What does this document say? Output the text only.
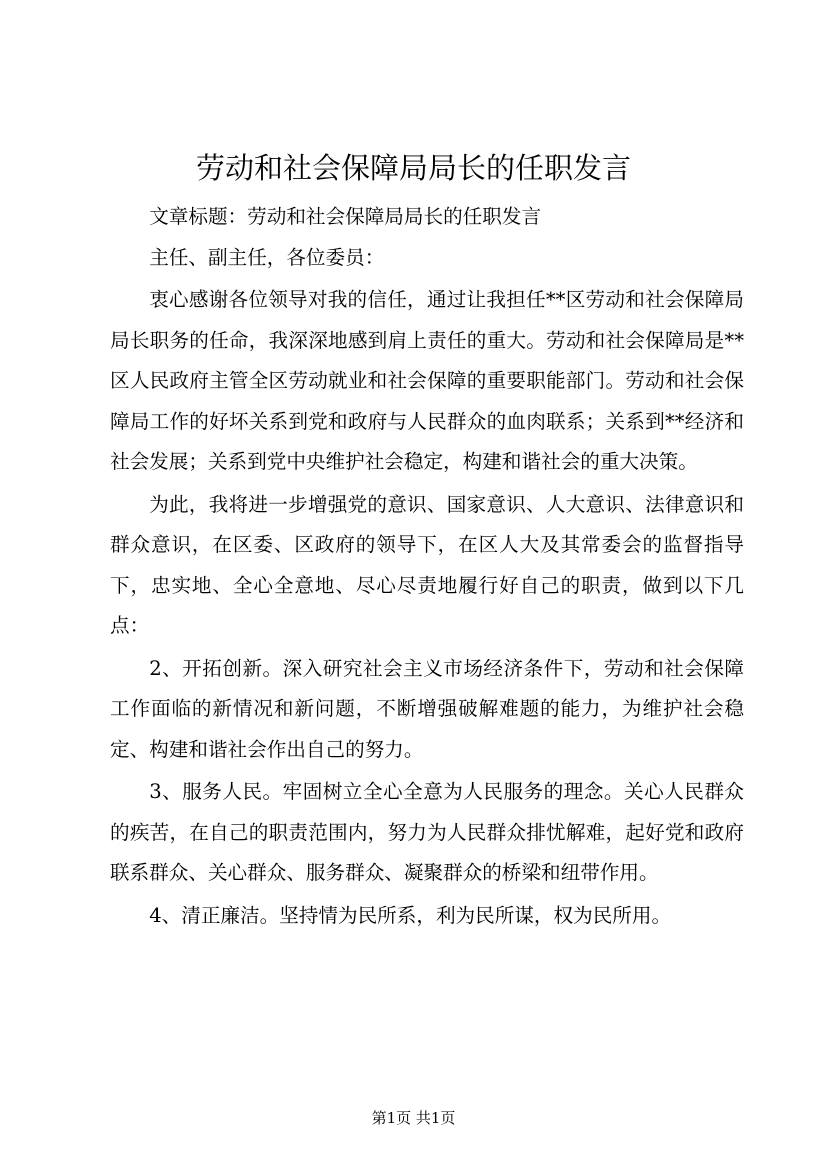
劳动和社会保障局局长的任职发言

文章标题：劳动和社会保障局局长的任职发言

主任、副主任，各位委员：

衷心感谢各位领导对我的信任，通过让我担任**区劳动和社会保障局局长职务的任命，我深深地感到肩上责任的重大。劳动和社会保障局是**区人民政府主管全区劳动就业和社会保障的重要职能部门。劳动和社会保障局工作的好坏关系到党和政府与人民群众的血肉联系；关系到**经济和社会发展；关系到党中央维护社会稳定，构建和谐社会的重大决策。

为此，我将进一步增强党的意识、国家意识、人大意识、法律意识和群众意识，在区委、区政府的领导下，在区人大及其常委会的监督指导下，忠实地、全心全意地、尽心尽责地履行好自己的职责，做到以下几点：

2、开拓创新。深入研究社会主义市场经济条件下，劳动和社会保障工作面临的新情况和新问题，不断增强破解难题的能力，为维护社会稳定、构建和谐社会作出自己的努力。

3、服务人民。牢固树立全心全意为人民服务的理念。关心人民群众的疾苦，在自己的职责范围内，努力为人民群众排忧解难，起好党和政府联系群众、关心群众、服务群众、凝聚群众的桥梁和纽带作用。

4、清正廉洁。坚持情为民所系，利为民所谋，权为民所用。

第1页 共1页
